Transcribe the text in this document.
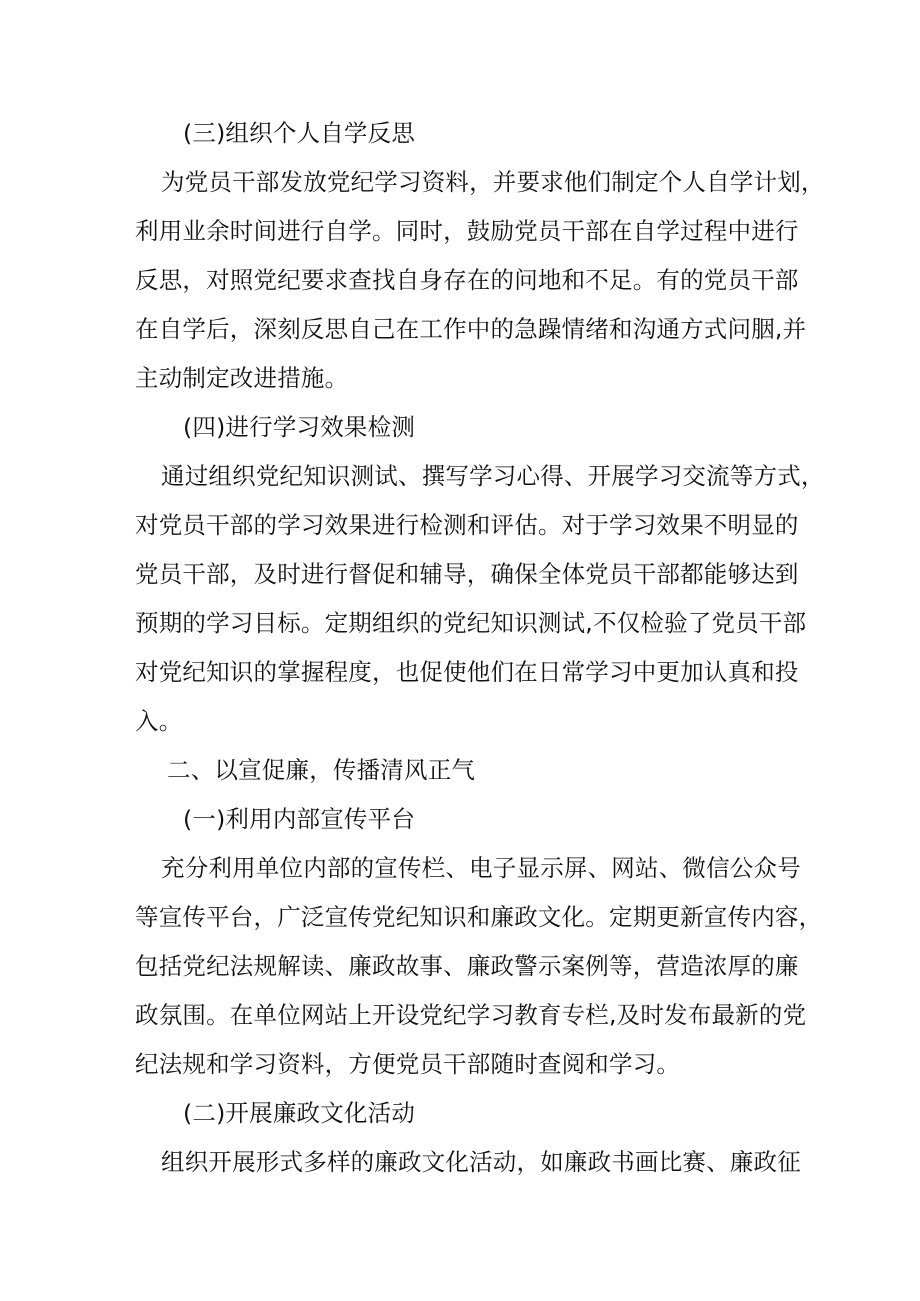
(三)组织个人自学反思
为党员干部发放党纪学习资料，并要求他们制定个人自学计划，
利用业余时间进行自学。同时，鼓励党员干部在自学过程中进行
反思，对照党纪要求查找自身存在的问地和不足。有的党员干部
在自学后，深刻反思自己在工作中的急躁情绪和沟通方式问胭,并
主动制定改进措施。
(四)进行学习效果检测
通过组织党纪知识测试、撰写学习心得、开展学习交流等方式，
对党员干部的学习效果进行检测和评估。对于学习效果不明显的
党员干部，及时进行督促和辅导，确保全体党员干部都能够达到
预期的学习目标。定期组织的党纪知识测试,不仅检验了党员干部
对党纪知识的掌握程度，也促使他们在日常学习中更加认真和投
入。
二、以宣促廉，传播清风正气
(一)利用内部宣传平台
充分利用单位内部的宣传栏、电子显示屏、网站、微信公众号
等宣传平台，广泛宣传党纪知识和廉政文化。定期更新宣传内容，
包括党纪法规解读、廉政故事、廉政警示案例等，营造浓厚的廉
政氛围。在单位网站上开设党纪学习教育专栏,及时发布最新的党
纪法规和学习资料，方便党员干部随时查阅和学习。
(二)开展廉政文化活动
组织开展形式多样的廉政文化活动，如廉政书画比赛、廉政征
